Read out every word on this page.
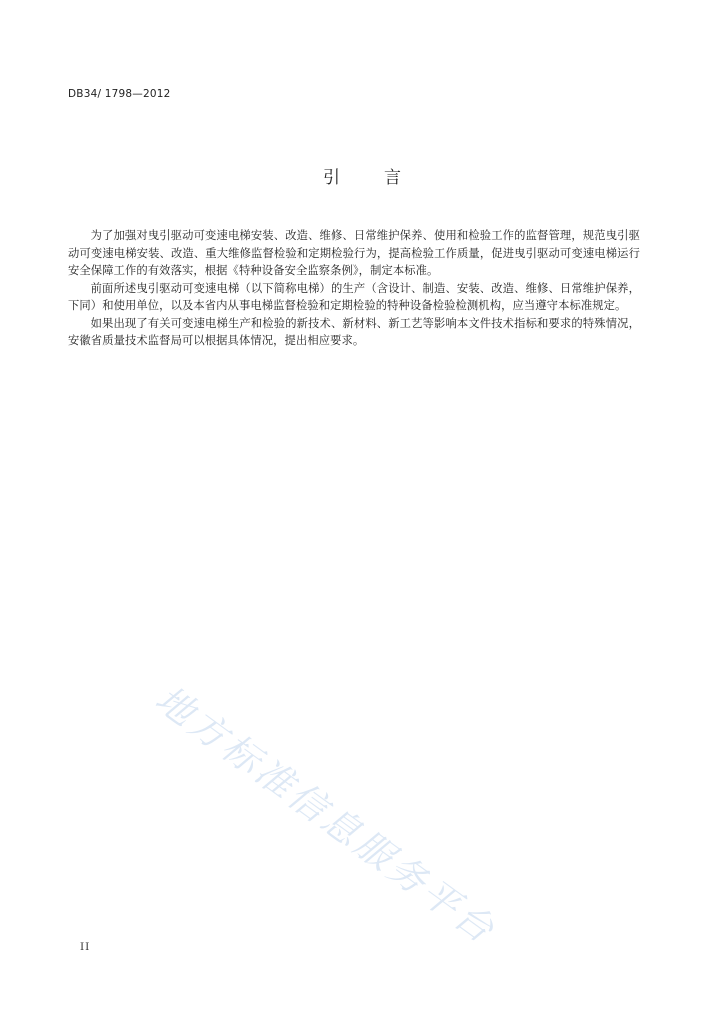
DB34/ 1798—2012
引言

为了加强对曳引驱动可变速电梯安装、改造、维修、日常维护保养、使用和检验工作的监督管理，规范曳引驱动可变速电梯安装、改造、重大维修监督检验和定期检验行为，提高检验工作质量，促进曳引驱动可变速电梯运行安全保障工作的有效落实，根据《特种设备安全监察条例》，制定本标准。

前面所述曳引驱动可变速电梯（以下简称电梯）的生产（含设计、制造、安装、改造、维修、日常维护保养，下同）和使用单位，以及本省内从事电梯监督检验和定期检验的特种设备检验检测机构，应当遵守本标准规定。

如果出现了有关可变速电梯生产和检验的新技术、新材料、新工艺等影响本文件技术指标和要求的特殊情况，安徽省质量技术监督局可以根据具体情况，提出相应要求。

地方标准信息服务平台
II
